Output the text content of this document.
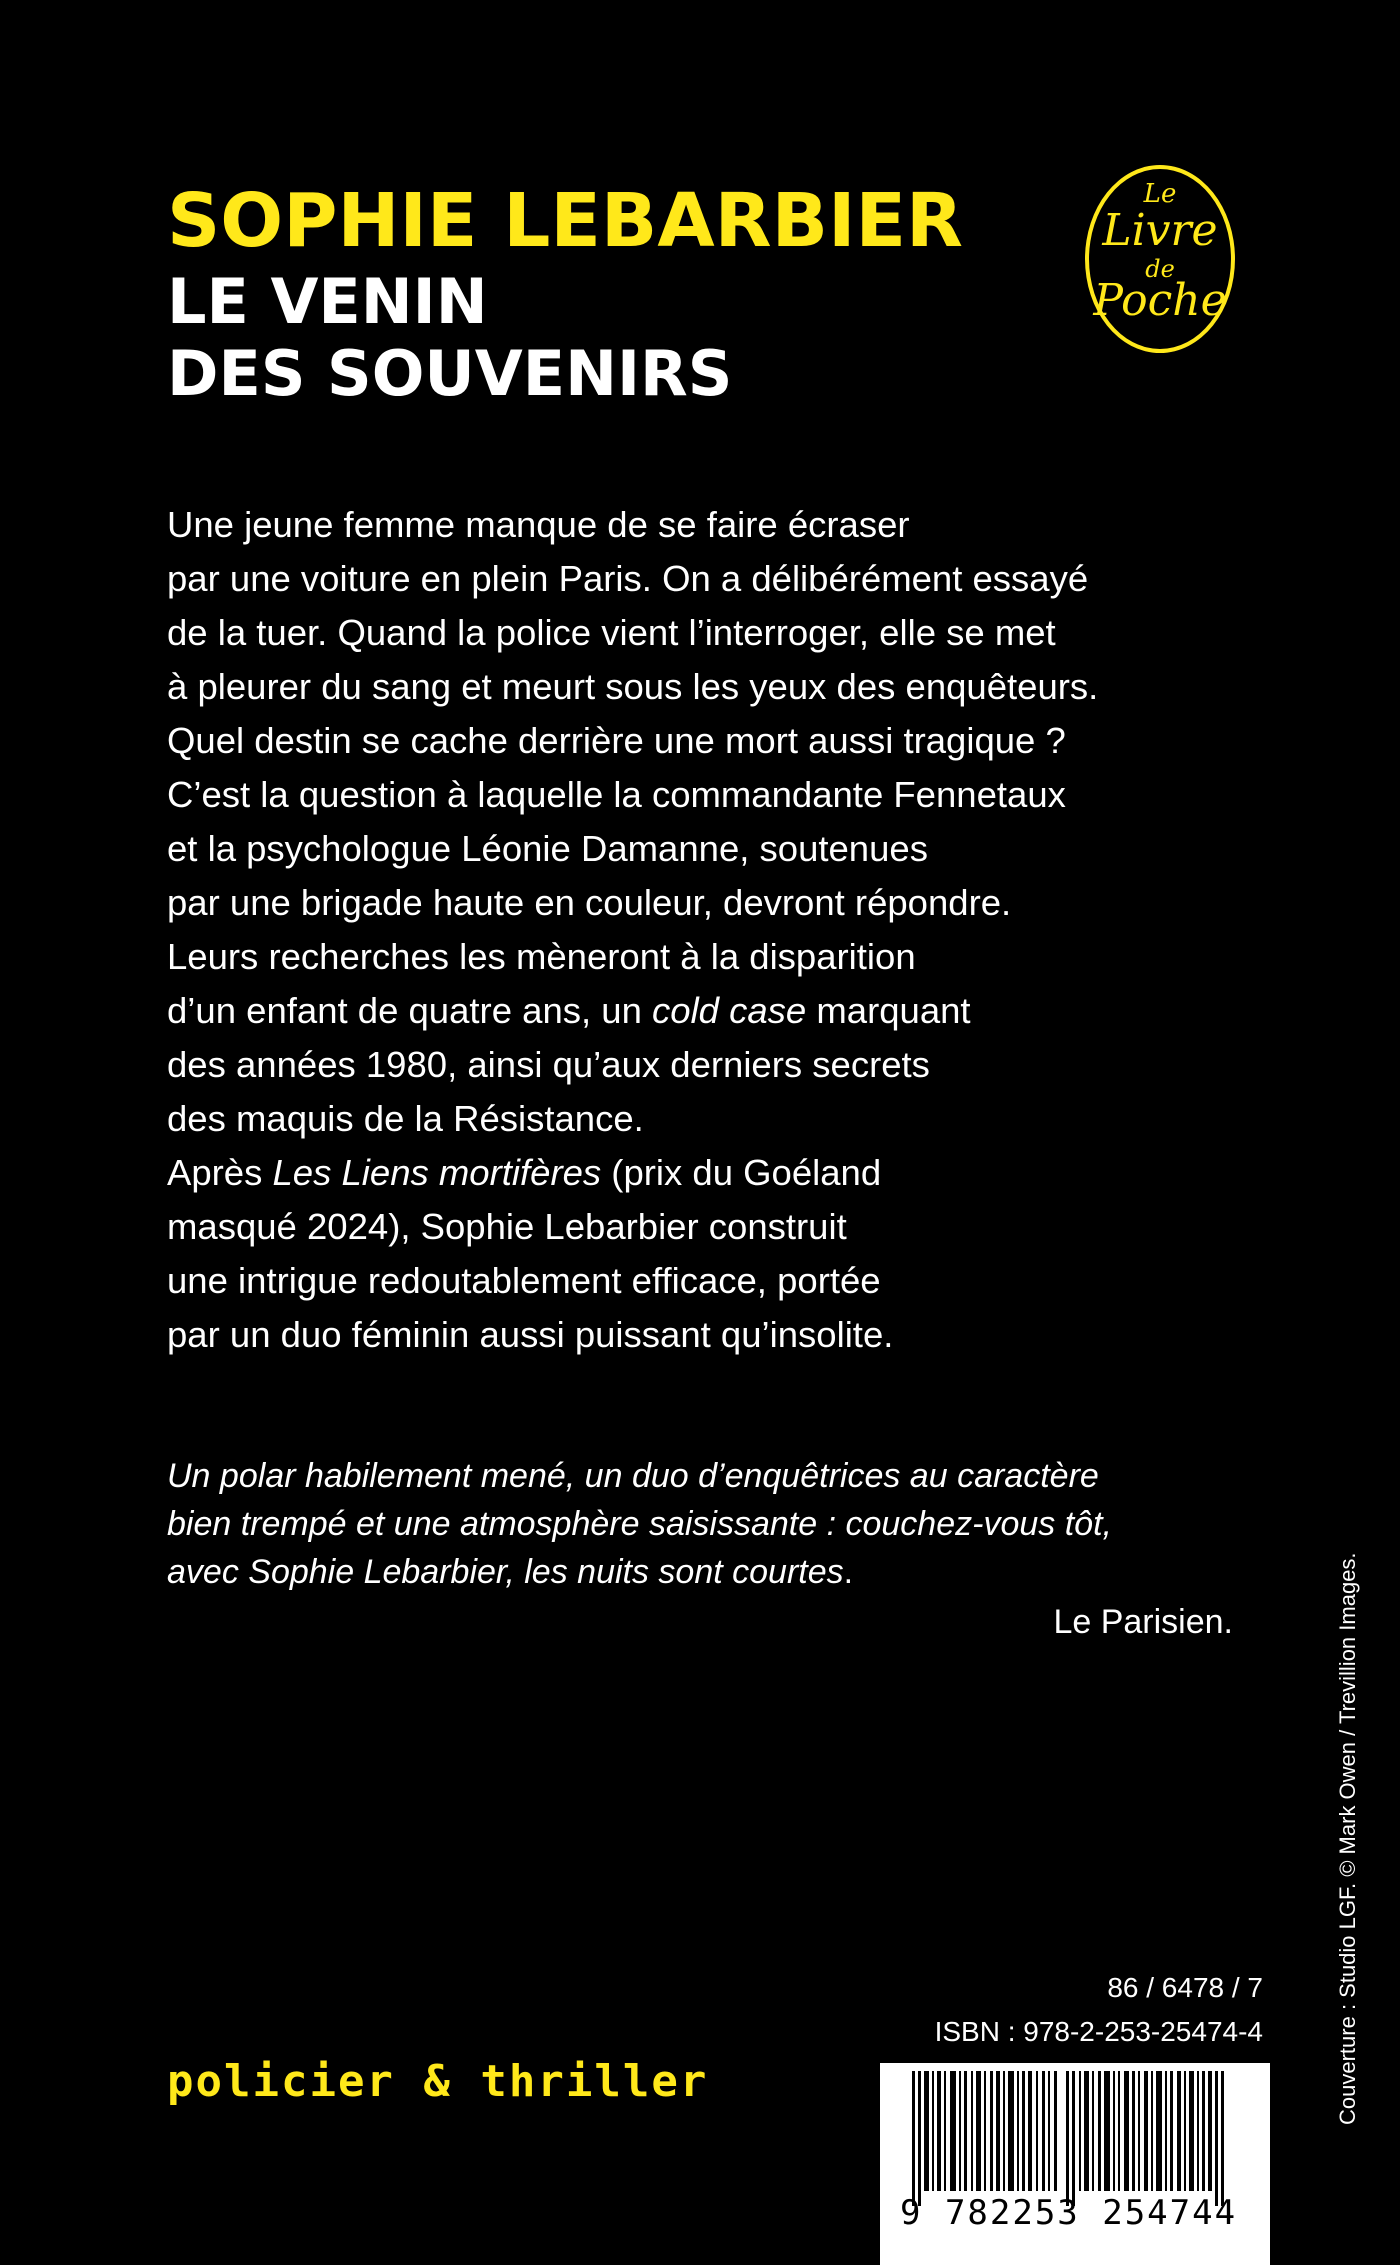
SOPHIE LEBARBIER
LE VENIN
DES SOUVENIRS
Le
Livre
de
Poche
Une jeune femme manque de se faire écraser
par une voiture en plein Paris. On a délibérément essayé
de la tuer. Quand la police vient l’interroger, elle se met
à pleurer du sang et meurt sous les yeux des enquêteurs.
Quel destin se cache derrière une mort aussi tragique ?
C’est la question à laquelle la commandante Fennetaux
et la psychologue Léonie Damanne, soutenues
par une brigade haute en couleur, devront répondre.
Leurs recherches les mèneront à la disparition
d’un enfant de quatre ans, un cold case marquant
des années 1980, ainsi qu’aux derniers secrets
des maquis de la Résistance.
Après Les Liens mortifères (prix du Goéland
masqué 2024), Sophie Lebarbier construit
une intrigue redoutablement efficace, portée
par un duo féminin aussi puissant qu’insolite.
Un polar habilement mené, un duo d’enquêtrices au caractère
bien trempé et une atmosphère saisissante : couchez-vous tôt,
avec Sophie Lebarbier, les nuits sont courtes.
Le Parisien.
86 / 6478 / 7
ISBN : 978-2-253-25474-4
policier & thriller
9 782253 254744
Couverture : Studio LGF. © Mark Owen / Trevillion Images.
